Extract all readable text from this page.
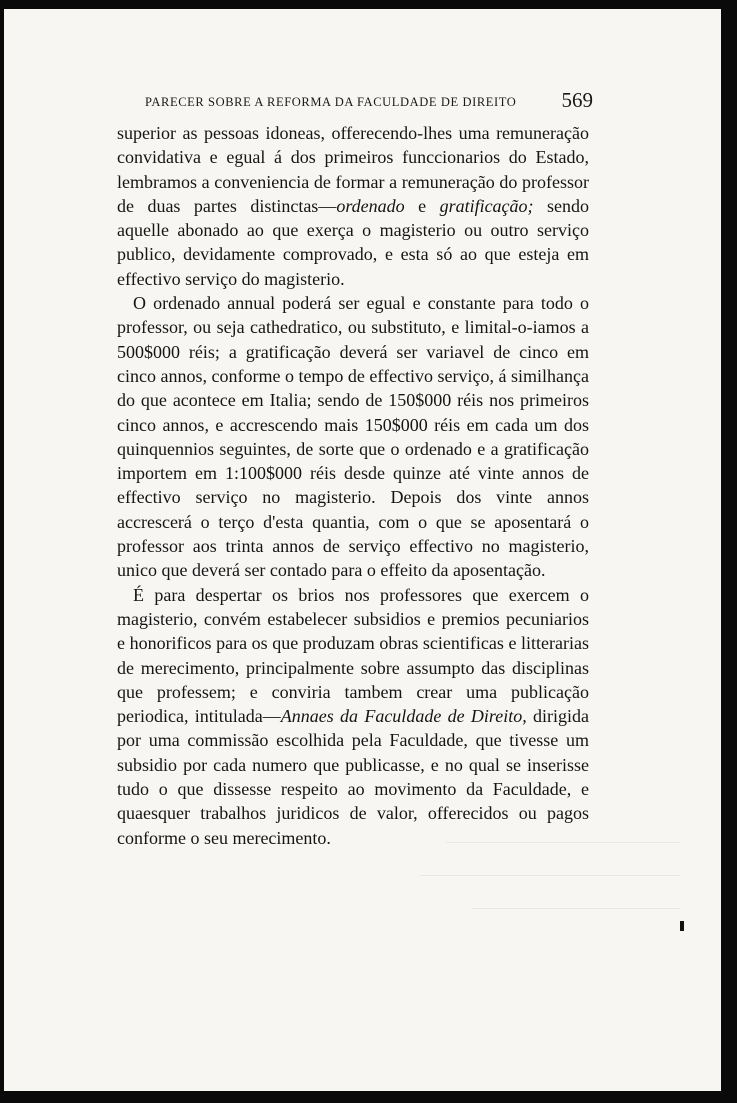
PARECER SOBRE A REFORMA DA FACULDADE DE DIREITO 569

superior as pessoas idoneas, offerecendo-lhes uma remuneração convidativa e egual á dos primeiros funccionarios do Estado, lembramos a conveniencia de formar a remuneração do professor de duas partes distinctas—ordenado e gratificação; sendo aquelle abonado ao que exerça o magisterio ou outro serviço publico, devidamente comprovado, e esta só ao que esteja em effectivo serviço do magisterio.

O ordenado annual poderá ser egual e constante para todo o professor, ou seja cathedratico, ou substituto, e limital-o-iamos a 500$000 réis; a gratificação deverá ser variavel de cinco em cinco annos, conforme o tempo de effectivo serviço, á similhança do que acontece em Italia; sendo de 150$000 réis nos primeiros cinco annos, e accrescendo mais 150$000 réis em cada um dos quinquennios seguintes, de sorte que o ordenado e a gratificação importem em 1:100$000 réis desde quinze até vinte annos de effectivo serviço no magisterio. Depois dos vinte annos accrescerá o terço d'esta quantia, com o que se aposentará o professor aos trinta annos de serviço effectivo no magisterio, unico que deverá ser contado para o effeito da aposentação.

É para despertar os brios nos professores que exercem o magisterio, convém estabelecer subsidios e premios pecuniarios e honorificos para os que produzam obras scientificas e litterarias de merecimento, principalmente sobre assumpto das disciplinas que professem; e conviria tambem crear uma publicação periodica, intitulada—Annaes da Faculdade de Direito, dirigida por uma commissão escolhida pela Faculdade, que tivesse um subsidio por cada numero que publicasse, e no qual se inserisse tudo o que dissesse respeito ao movimento da Faculdade, e quaesquer trabalhos juridicos de valor, offerecidos ou pagos conforme o seu merecimento.
